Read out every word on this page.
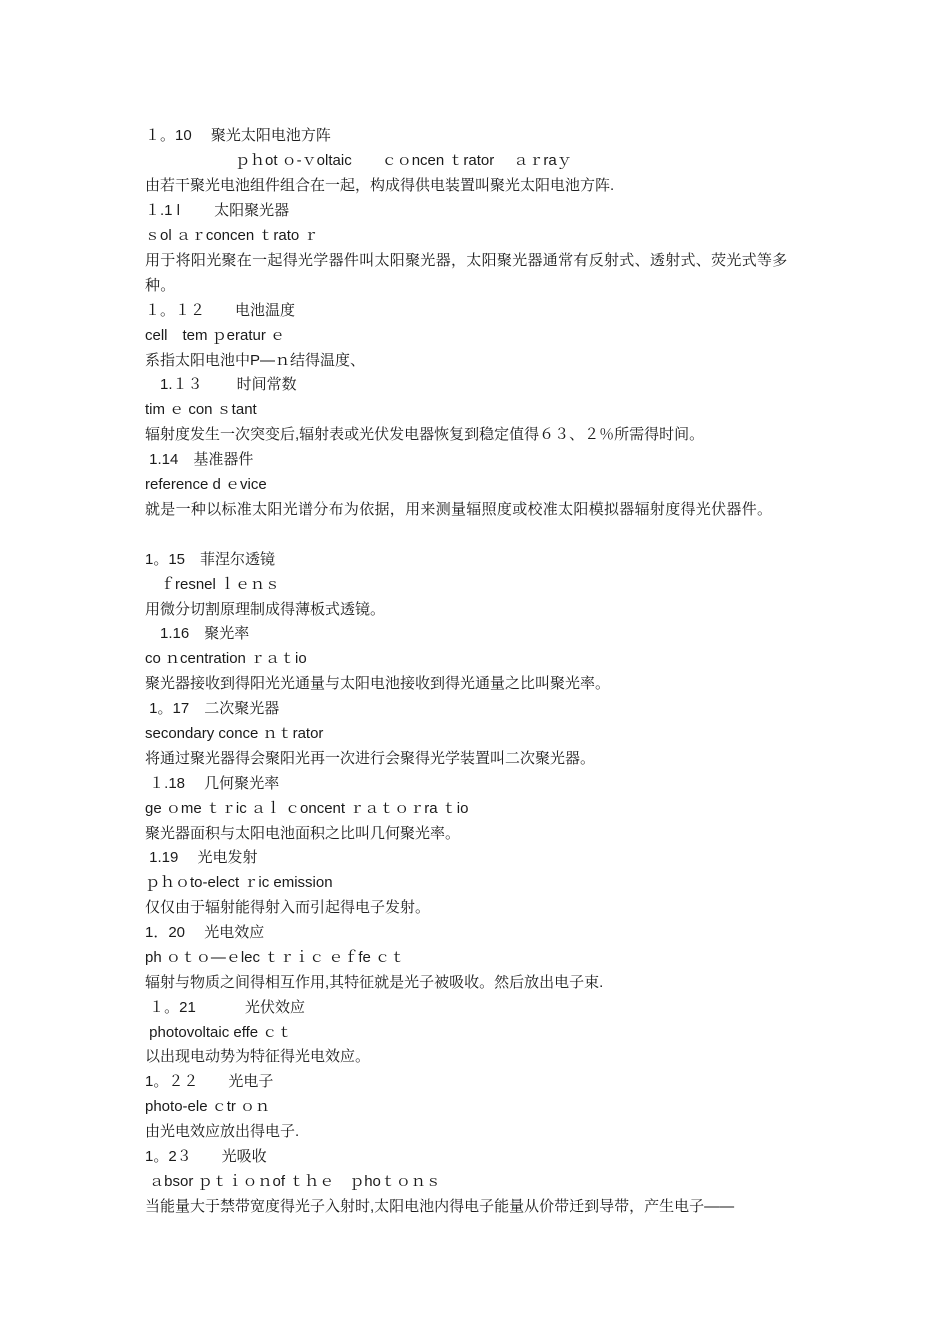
１。10　 聚光太阳电池方阵
　　　　　　ｐｈot ｏ-ｖoltaic　　ｃｏncen ｔrator　 ａｒraｙ
由若干聚光电池组件组合在一起，构成得供电装置叫聚光太阳电池方阵.
１.1 l　　 太阳聚光器
ｓol ａｒconcen ｔrato ｒ
用于将阳光聚在一起得光学器件叫太阳聚光器，太阳聚光器通常有反射式、透射式、荧光式等多种。
１。１２　　电池温度
cell　tem ｐeratur ｅ
系指太阳电池中P—ｎ结得温度、
　1.１３　　 时间常数
tim ｅ con ｓtant
辐射度发生一次突变后,辐射表或光伏发电器恢复到稳定值得６３、２％所需得时间。
1.14　基准器件
reference d ｅvice
就是一种以标准太阳光谱分布为依据，用来测量辐照度或校准太阳模拟器辐射度得光伏器件。
1。15　菲涅尔透镜
　ｆresnel ｌｅｎｓ
用微分切割原理制成得薄板式透镜。
　1.16　聚光率
co ｎcentration ｒａｔio
聚光器接收到得阳光光通量与太阳电池接收到得光通量之比叫聚光率。
1。17　二次聚光器
secondary conce ｎｔrator
将通过聚光器得会聚阳光再一次进行会聚得光学装置叫二次聚光器。
１.18　 几何聚光率
ge ｏme ｔｒic ａｌ ｃoncent ｒａｔｏｒra ｔio
聚光器面积与太阳电池面积之比叫几何聚光率。
1.19　 光电发射
ｐｈｏto-elect ｒic emission
仅仅由于辐射能得射入而引起得电子发射。
1．20　 光电效应
ph ｏｔｏ—ｅlec ｔｒｉｃ ｅｆfe ｃｔ
辐射与物质之间得相互作用,其特征就是光子被吸收。然后放出电子束.
１。21　　　 光伏效应
photovoltaic effe ｃｔ
以出现电动势为特征得光电效应。
1。２２　　光电子
photo-ele ｃtr ｏｎ
由光电效应放出得电子.
1。2３　　光吸收
ａbsor ｐｔｉｏｎof ｔｈｅ　ｐhoｔｏｎｓ
当能量大于禁带宽度得光子入射时,太阳电池内得电子能量从价带迁到导带，产生电子——
